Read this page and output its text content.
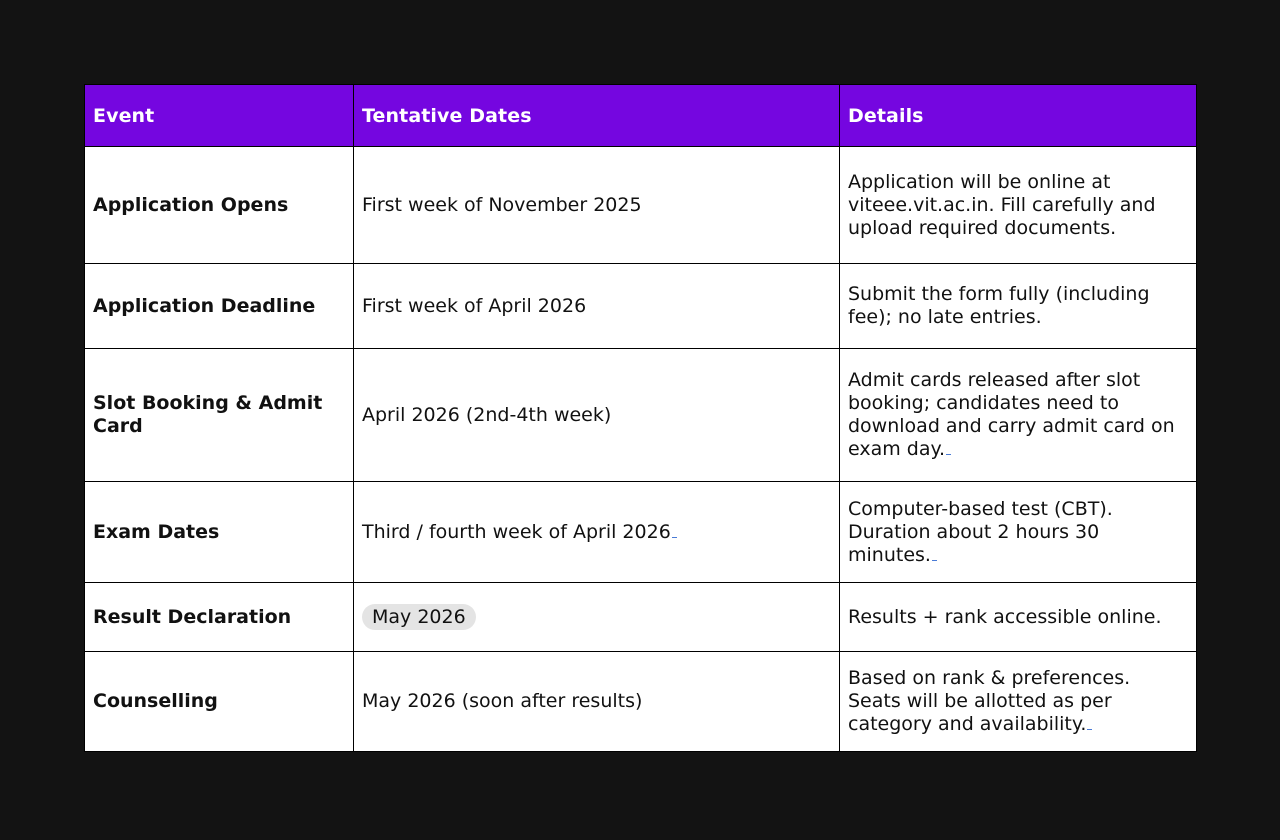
Event	Tentative Dates	Details
Application Opens	First week of November 2025	Application will be online at viteee.vit.ac.in. Fill carefully and upload required documents.
Application Deadline	First week of April 2026	Submit the form fully (including fee); no late entries.
Slot Booking & Admit Card	April 2026 (2nd-4th week)	Admit cards released after slot booking; candidates need to download and carry admit card on exam day.
Exam Dates	Third / fourth week of April 2026	Computer-based test (CBT). Duration about 2 hours 30 minutes.
Result Declaration	May 2026	Results + rank accessible online.
Counselling	May 2026 (soon after results)	Based on rank & preferences. Seats will be allotted as per category and availability.
